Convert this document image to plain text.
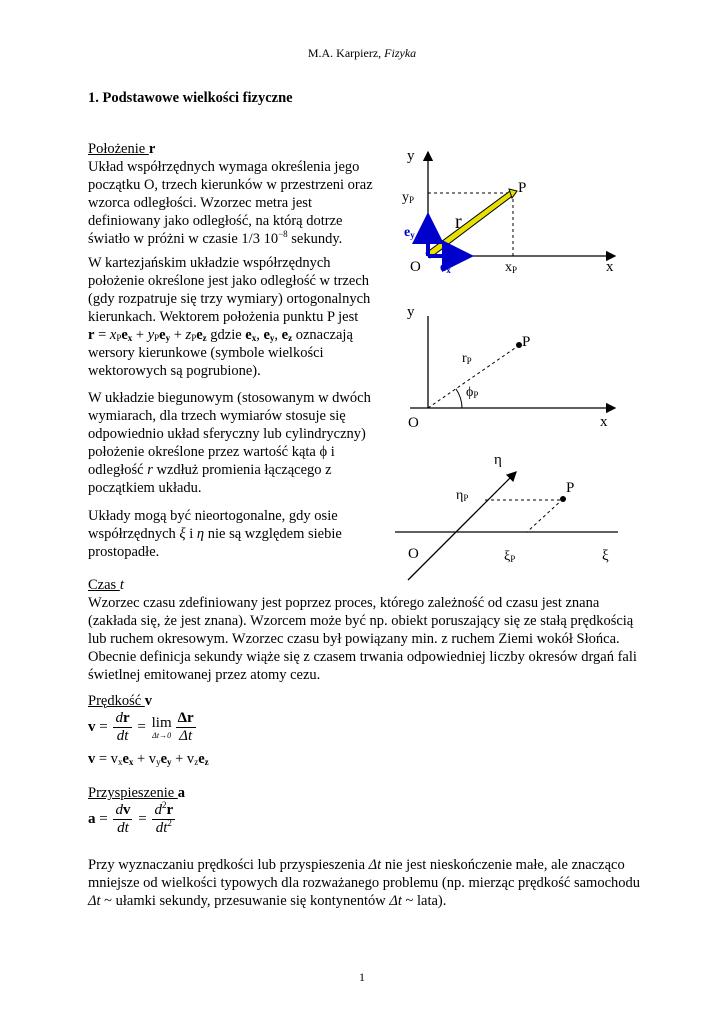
M.A. Karpierz, Fizyka
1. Podstawowe wielkości fizyczne
Położenie r
Układ współrzędnych wymaga określenia jego początku O, trzech kierunków w przestrzeni oraz wzorca odległości. Wzorzec metra jest definiowany jako odległość, na którą dotrze światło w próżni w czasie 1/3 $10^{-8}$ sekundy.
W kartezjańskim układzie współrzędnych położenie określone jest jako odległość w trzech (gdy rozpatruje się trzy wymiary) ortogonalnych kierunkach. Wektorem położenia punktu P jest
$r = x_Pe_x + y_Pe_y + z_Pe_z$ gdzie $e_x$, $e_y$, $e_z$ oznaczają
wersory kierunkowe (symbole wielkości wektorowych są pogrubione).
W układzie biegunowym (stosowanym w dwóch wymiarach, dla trzech wymiarów stosuje się odpowiednio układ sferyczny lub cylindryczny) położenie określone przez wartość kąta ϕ i odległość r wzdłuż promienia łączącego z początkiem układu.
Układy mogą być nieortogonalne, gdy osie współrzędnych ξ i η nie są względem siebie prostopadłe.
y
x
O
P
yP
xP
r
ey
ex
y
x
O
P
rP
ϕP
η
ξ
O
P
ηP
ξP
Czas t
Wzorzec czasu zdefiniowany jest poprzez proces, którego zależność od czasu jest znana (zakłada się, że jest znana). Wzorcem może być np. obiekt poruszający się ze stałą prędkością lub ruchem okresowym. Wzorzec czasu był powiązany min. z ruchem Ziemi wokół Słońca. Obecnie definicja sekundy wiąże się z czasem trwania odpowiedniej liczby okresów drgań fali świetlnej emitowanej przez atomy cezu.
Prędkość v
$v = \frac{dr}{dt} = \lim$
$\Delta t\to 0 \frac{\Delta r}{\Delta t}$
$v = v_xe_x + v_ye_y + v_ze_z$
Przyspieszenie a
$a = \frac{dv}{dt} = \frac{d^2r}{dt^2}$
Przy wyznaczaniu prędkości lub przyspieszenia Δt nie jest nieskończenie małe, ale znacząco mniejsze od wielkości typowych dla rozważanego problemu (np. mierząc prędkość samochodu Δt ~ ułamki sekundy, przesuwanie się kontynentów Δt ~ lata).
1
